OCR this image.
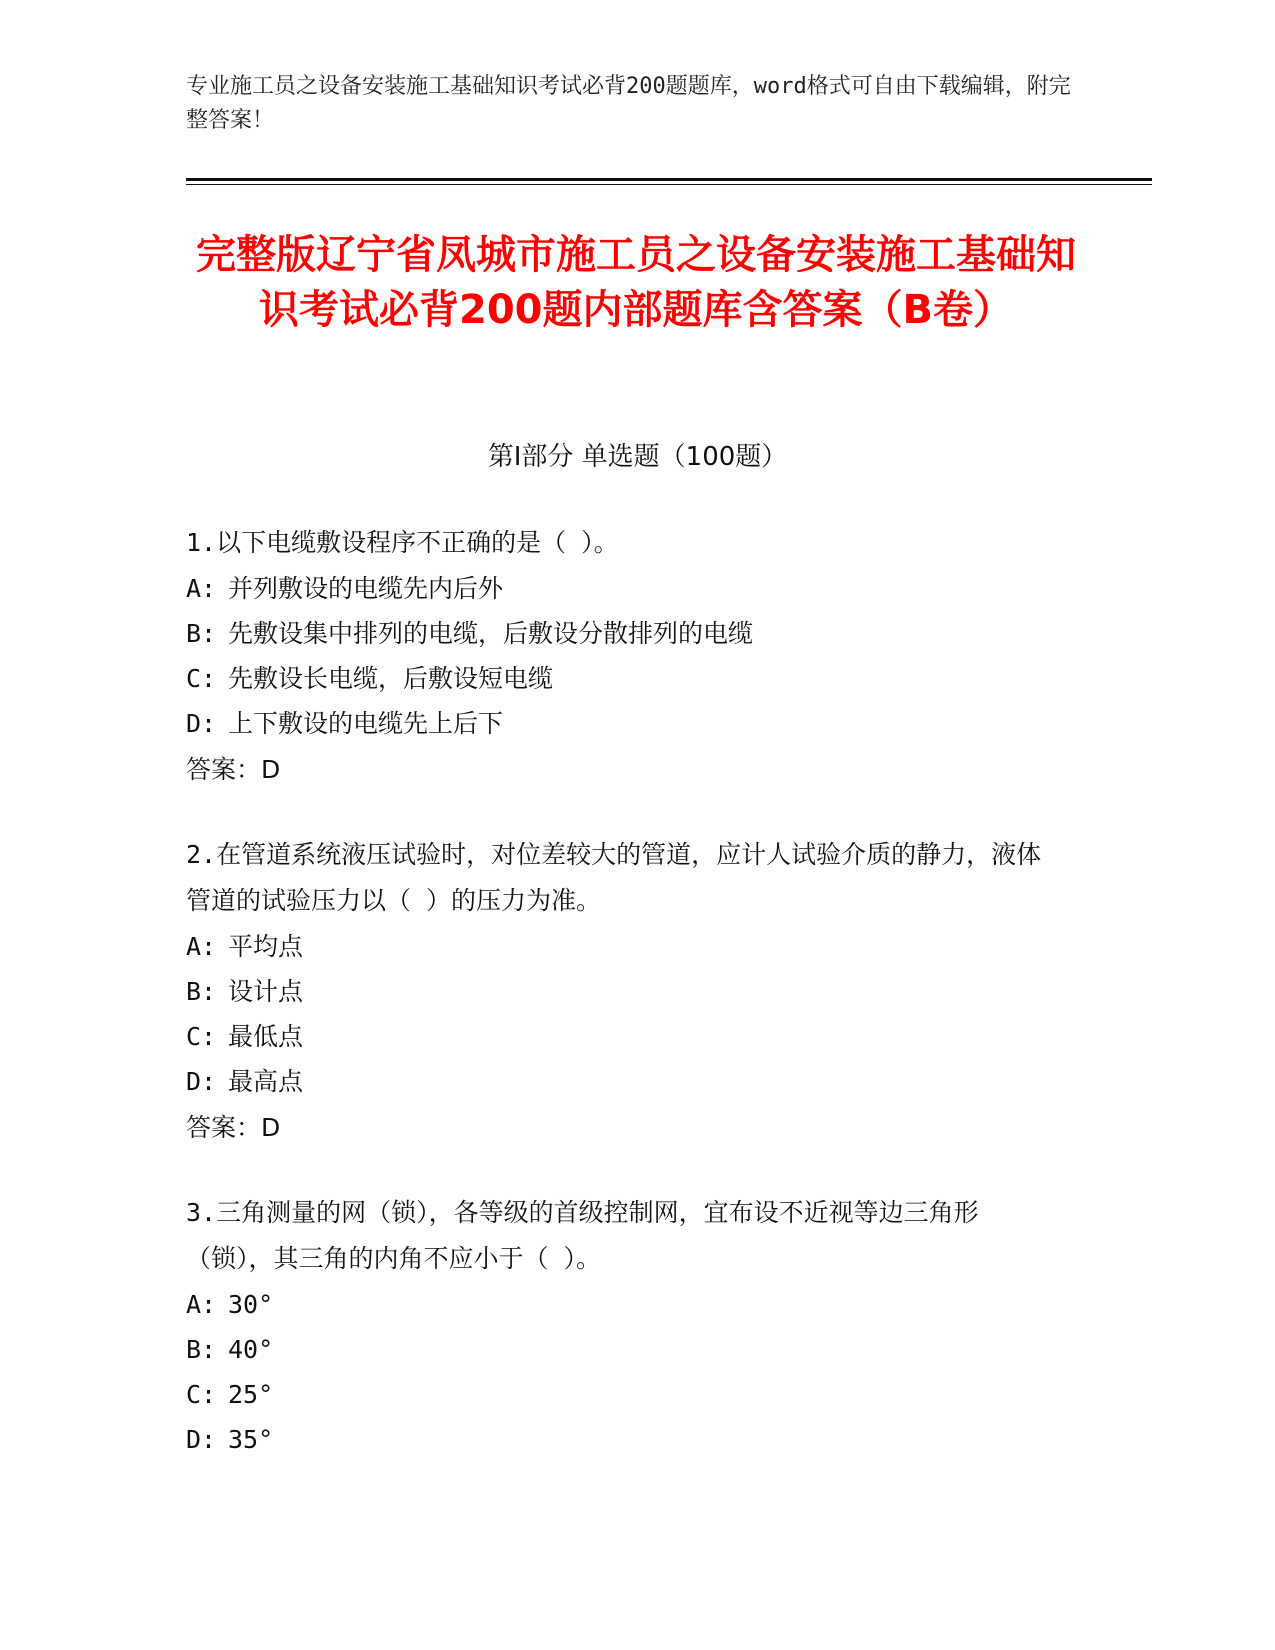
专业施工员之设备安装施工基础知识考试必背200题题库，word格式可自由下载编辑，附完整答案！
完整版辽宁省凤城市施工员之设备安装施工基础知识考试必背200题内部题库含答案（B卷）
第I部分 单选题（100题）
1.以下电缆敷设程序不正确的是（ ）。
A: 并列敷设的电缆先内后外
B: 先敷设集中排列的电缆，后敷设分散排列的电缆
C: 先敷设长电缆，后敷设短电缆
D: 上下敷设的电缆先上后下
答案：D
2.在管道系统液压试验时，对位差较大的管道，应计人试验介质的静力，液体管道的试验压力以（ ）的压力为准。
A: 平均点
B: 设计点
C: 最低点
D: 最高点
答案：D
3.三角测量的网（锁），各等级的首级控制网，宜布设不近视等边三角形（锁），其三角的内角不应小于（ ）。
A: 30°
B: 40°
C: 25°
D: 35°
